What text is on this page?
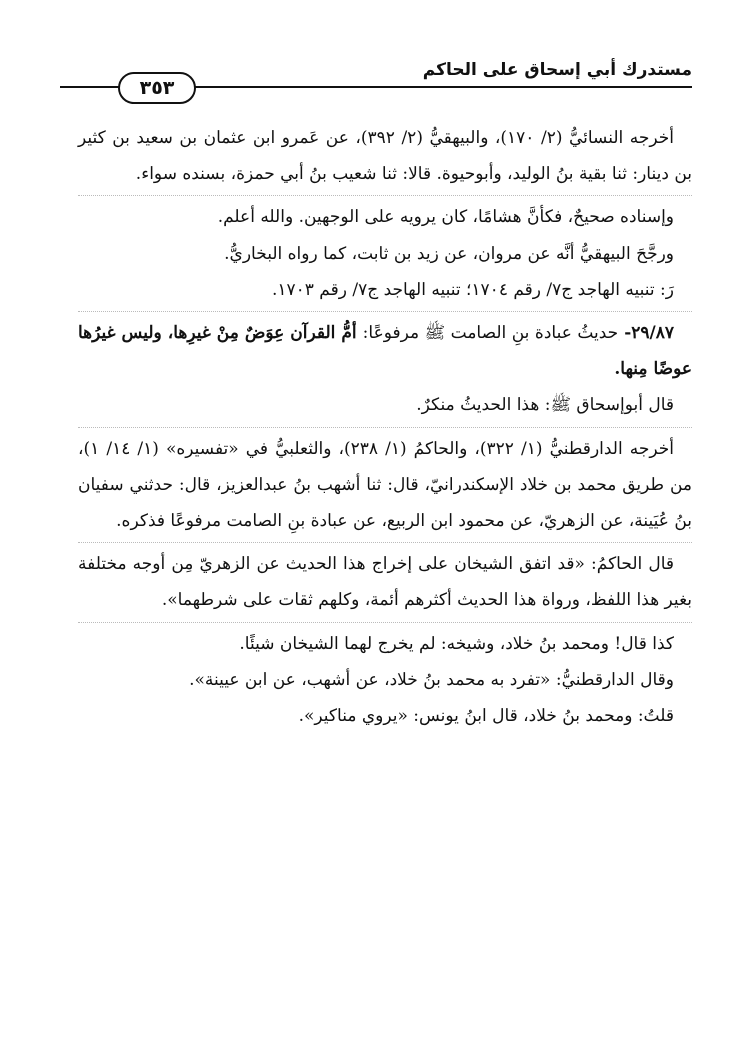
مستدرك أبي إسحاق على الحاكم
٣٥٣

أخرجه النسائيُّ (٢/ ١٧٠)، والبيهقيُّ (٢/ ٣٩٢)، عن عَمرو ابن عثمان بن سعيد بن كثير بن دينار: ثنا بقية بنُ الوليد، وأبوحيوة. قالا: ثنا شعيب بنُ أبي حمزة، بسنده سواء.

وإسناده صحيحٌ، فكأنَّ هشامًا، كان يرويه على الوجهين. والله أعلم.

ورجَّحَ البيهقيُّ أنَّه عن مروان، عن زيد بن ثابت، كما رواه البخاريُّ.

رَ: تنبيه الهاجد ج٧/ رقم ١٧٠٤؛ تنبيه الهاجد ج٧/ رقم ١٧٠٣.

٢٩/٨٧- حديثُ عبادة بنِ الصامت ﷺ مرفوعًا: أمُّ القرآن عِوَضٌ مِنْ غيرِها، وليس غيرُها عوضًا مِنها.

قال أبوإسحاق ﷺ: هذا الحديثُ منكرٌ.

أخرجه الدارقطنيُّ (١/ ٣٢٢)، والحاكمُ (١/ ٢٣٨)، والثعلبيُّ في «تفسيره» (١/ ١٤/ ١)، من طريق محمد بن خلاد الإسكندرانيّ، قال: ثنا أشهب بنُ عبدالعزيز، قال: حدثني سفيان بنُ عُيَينة، عن الزهريّ، عن محمود ابن الربيع، عن عبادة بنِ الصامت مرفوعًا فذكره.

قال الحاكمُ: «قد اتفق الشيخان على إخراج هذا الحديث عن الزهريّ مِن أوجه مختلفة بغير هذا اللفظ، ورواة هذا الحديث أكثرهم أئمة، وكلهم ثقات على شرطهما».

كذا قال! ومحمد بنُ خلاد، وشيخه: لم يخرج لهما الشيخان شيئًا.

وقال الدارقطنيُّ: «تفرد به محمد بنُ خلاد، عن أشهب، عن ابن عيينة».

قلتُ: ومحمد بنُ خلاد، قال ابنُ يونس: «يروي مناكير».
